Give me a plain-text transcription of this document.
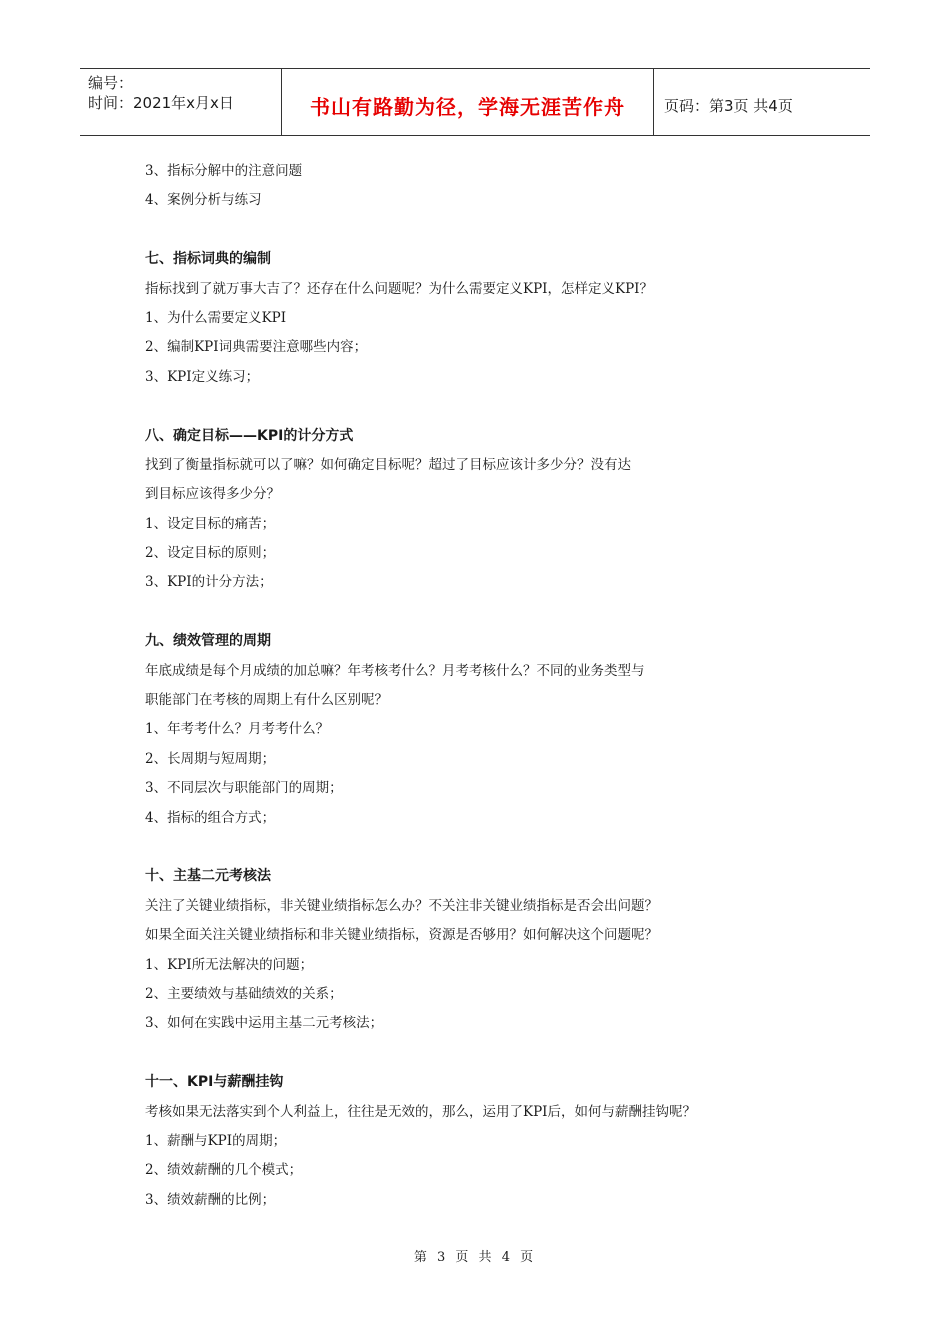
编号：
时间：2021年x月x日	书山有路勤为径，学海无涯苦作舟	页码：第3页 共4页
3、指标分解中的注意问题
4、案例分析与练习
七、指标词典的编制
指标找到了就万事大吉了？还存在什么问题呢？为什么需要定义KPI，怎样定义KPI？
1、为什么需要定义KPI
2、编制KPI词典需要注意哪些内容；
3、KPI定义练习；
八、确定目标——KPI的计分方式
找到了衡量指标就可以了嘛？如何确定目标呢？超过了目标应该计多少分？没有达
到目标应该得多少分？
1、设定目标的痛苦；
2、设定目标的原则；
3、KPI的计分方法；
九、绩效管理的周期
年底成绩是每个月成绩的加总嘛？年考核考什么？月考考核什么？不同的业务类型与
职能部门在考核的周期上有什么区别呢？
1、年考考什么？月考考什么？
2、长周期与短周期；
3、不同层次与职能部门的周期；
4、指标的组合方式；
十、主基二元考核法
关注了关键业绩指标，非关键业绩指标怎么办？不关注非关键业绩指标是否会出问题？
如果全面关注关键业绩指标和非关键业绩指标，资源是否够用？如何解决这个问题呢？
1、KPI所无法解决的问题；
2、主要绩效与基础绩效的关系；
3、如何在实践中运用主基二元考核法；
十一、KPI与薪酬挂钩
考核如果无法落实到个人利益上，往往是无效的，那么，运用了KPI后，如何与薪酬挂钩呢？
1、薪酬与KPI的周期；
2、绩效薪酬的几个模式；
3、绩效薪酬的比例；
第 3 页 共 4 页
